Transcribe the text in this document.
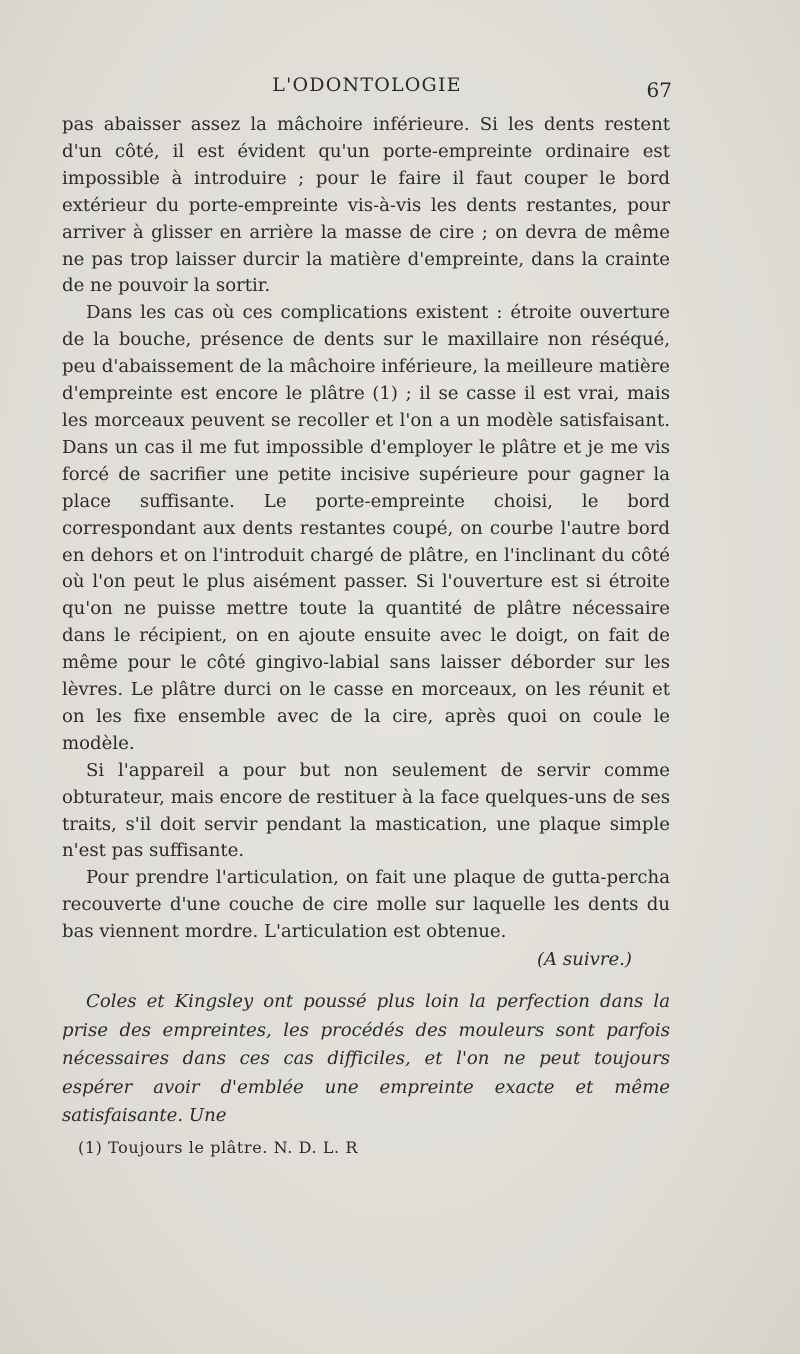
L'ODONTOLOGIE	67

pas abaisser assez la mâchoire inférieure. Si les dents restent d'un côté, il est évident qu'un porte-empreinte ordinaire est impossible à introduire ; pour le faire il faut couper le bord extérieur du porte-empreinte vis-à-vis les dents restantes, pour arriver à glisser en arrière la masse de cire ; on devra de même ne pas trop laisser durcir la matière d'empreinte, dans la crainte de ne pouvoir la sortir.

Dans les cas où ces complications existent : étroite ouverture de la bouche, présence de dents sur le maxillaire non réséqué, peu d'abaissement de la mâchoire inférieure, la meilleure matière d'empreinte est encore le plâtre (1) ; il se casse il est vrai, mais les morceaux peuvent se recoller et l'on a un modèle satisfaisant. Dans un cas il me fut impossible d'employer le plâtre et je me vis forcé de sacrifier une petite incisive supérieure pour gagner la place suffisante. Le porte-empreinte choisi, le bord correspondant aux dents restantes coupé, on courbe l'autre bord en dehors et on l'introduit chargé de plâtre, en l'inclinant du côté où l'on peut le plus aisément passer. Si l'ouverture est si étroite qu'on ne puisse mettre toute la quantité de plâtre nécessaire dans le récipient, on en ajoute ensuite avec le doigt, on fait de même pour le côté gingivo-labial sans laisser déborder sur les lèvres. Le plâtre durci on le casse en morceaux, on les réunit et on les fixe ensemble avec de la cire, après quoi on coule le modèle.

Si l'appareil a pour but non seulement de servir comme obturateur, mais encore de restituer à la face quelques-uns de ses traits, s'il doit servir pendant la mastication, une plaque simple n'est pas suffisante.

Pour prendre l'articulation, on fait une plaque de gutta-percha recouverte d'une couche de cire molle sur laquelle les dents du bas viennent mordre. L'articulation est obtenue.

(A suivre.)

Coles et Kingsley ont poussé plus loin la perfection dans la prise des empreintes, les procédés des mouleurs sont parfois nécessaires dans ces cas difficiles, et l'on ne peut toujours espérer avoir d'emblée une empreinte exacte et même satisfaisante. Une

(1) Toujours le plâtre. N. D. L. R
